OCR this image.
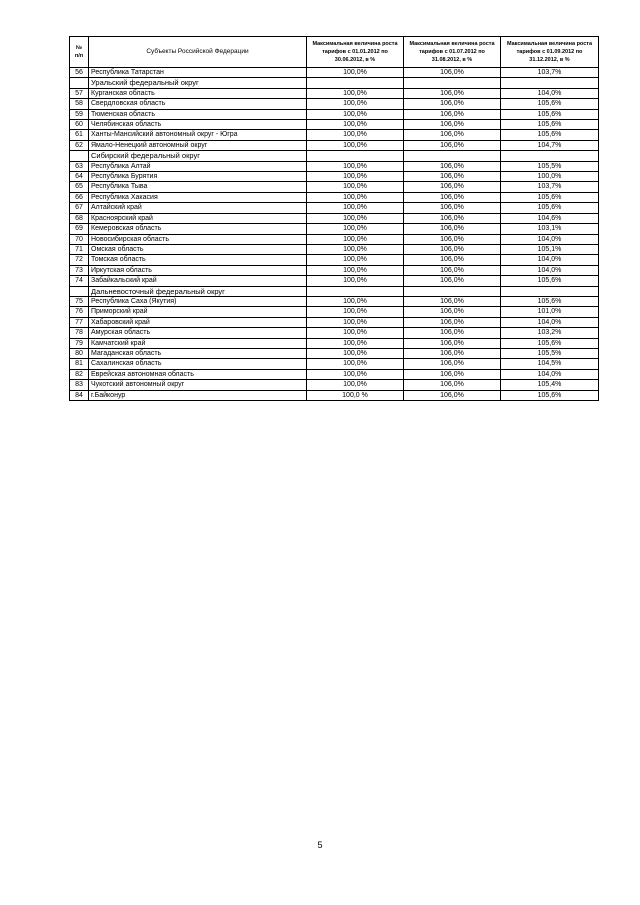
№
п/п	Субъекты Российской Федерации	Максимальная величина роста тарифов с 01.01.2012 по 30.06.2012, в %	Максимальная величина роста тарифов с 01.07.2012 по 31.08.2012, в %	Максимальная величина роста тарифов с 01.09.2012 по 31.12.2012, в %
56	Республика Татарстан	100,0%	106,0%	103,7%
	Уральский федеральный округ			
57	Курганская область	100,0%	106,0%	104,0%
58	Свердловская область	100,0%	106,0%	105,6%
59	Тюменская область	100,0%	106,0%	105,6%
60	Челябинская область	100,0%	106,0%	105,6%
61	Ханты-Мансийский автономный округ - Югра	100,0%	106,0%	105,6%
62	Ямало-Ненецкий автономный округ	100,0%	106,0%	104,7%
	Сибирский федеральный округ			
63	Республика Алтай	100,0%	106,0%	105,5%
64	Республика Бурятия	100,0%	106,0%	100,0%
65	Республика Тыва	100,0%	106,0%	103,7%
66	Республика Хакасия	100,0%	106,0%	105,6%
67	Алтайский край	100,0%	106,0%	105,6%
68	Красноярский край	100,0%	106,0%	104,6%
69	Кемеровская область	100,0%	106,0%	103,1%
70	Новосибирская область	100,0%	106,0%	104,0%
71	Омская область	100,0%	106,0%	105,1%
72	Томская область	100,0%	106,0%	104,0%
73	Иркутская область	100,0%	106,0%	104,0%
74	Забайкальский край	100,0%	106,0%	105,6%
	Дальневосточный федеральный округ			
75	Республика Саха (Якутия)	100,0%	106,0%	105,6%
76	Приморский край	100,0%	106,0%	101,0%
77	Хабаровский край	100,0%	106,0%	104,0%
78	Амурская область	100,0%	106,0%	103,2%
79	Камчатский край	100,0%	106,0%	105,6%
80	Магаданская область	100,0%	106,0%	105,5%
81	Сахалинская область	100,0%	106,0%	104,5%
82	Еврейская автономная область	100,0%	106,0%	104,0%
83	Чукотский автономный округ	100,0%	106,0%	105,4%
84	г.Байконур	100,0 %	106,0%	105,6%
5
